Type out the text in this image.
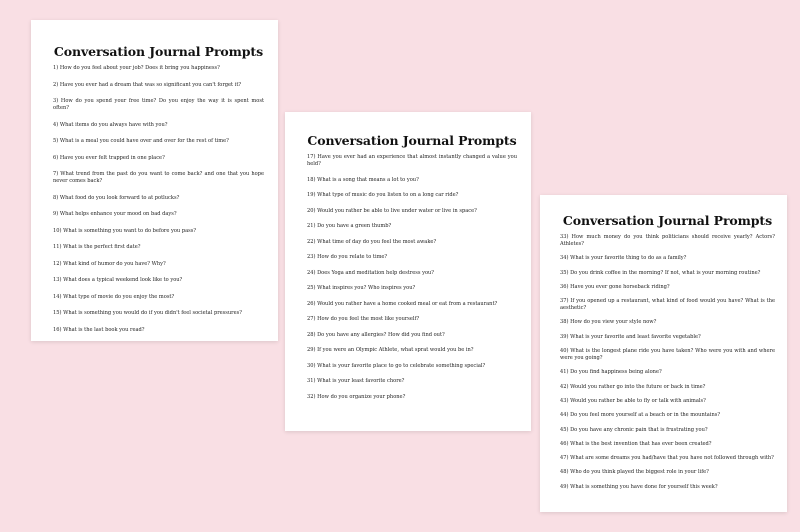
Conversation Journal Prompts
1) How do you feel about your job? Does it bring you happiness?
2) Have you ever had a dream that was so significant you can't forget it?
3) How do you spend your free time? Do you enjoy the way it is spent most often?
4) What items do you always have with you?
5) What is a meal you could have over and over for the rest of time?
6) Have you ever felt trapped in one place?
7) What trend from the past do you want to come back? and one that you hope never comes back?
8) What food do you look forward to at potlucks?
9) What helps enhance your mood on bad days?
10) What is something you want to do before you pass?
11) What is the perfect first date?
12) What kind of humor do you have? Why?
13) What does a typical weekend look like to you?
14) What type of movie do you enjoy the most?
15) What is something you would do if you didn't feel societal pressures?
16) What is the last book you read?
Conversation Journal Prompts
17) Have you ever had an experience that almost instantly changed a value you held?
18) What is a song that means a lot to you?
19) What type of music do you listen to on a long car ride?
20) Would you rather be able to live under water or live in space?
21) Do you have a green thumb?
22) What time of day do you feel the most awake?
23) How do you relate to time?
24) Does Yoga and meditation help destress you?
25) What inspires you? Who inspires you?
26) Would you rather have a home cooked meal or eat from a restaurant?
27) How do you feel the most like yourself?
28) Do you have any allergies? How did you find out?
29) If you were an Olympic Athlete, what sprat would you be in?
30) What is your favorite place to go to celebrate something special?
31) What is your least favorite chore?
32) How do you organize your phone?
Conversation Journal Prompts
33) How much money do you think politicians should receive yearly? Actors? Athletes?
34) What is your favorite thing to do as a family?
35) Do you drink coffee in the morning? If not, what is your morning routine?
36) Have you ever gone horseback riding?
37) If you opened up a restaurant, what kind of food would you have? What is the aesthetic?
38) How do you view your style now?
39) What is your favorite and least favorite vegetable?
40) What is the longest plane ride you have taken? Who were you with and where were you going?
41) Do you find happiness being alone?
42) Would you rather go into the future or back in time?
43) Would you rather be able to fly or talk with animals?
44) Do you feel more yourself at a beach or in the mountains?
45) Do you have any chronic pain that is frustrating you?
46) What is the best invention that has ever been created?
47) What are some dreams you had/have that you have not followed through with?
48) Who do you think played the biggest role in your life?
49) What is something you have done for yourself this week?
